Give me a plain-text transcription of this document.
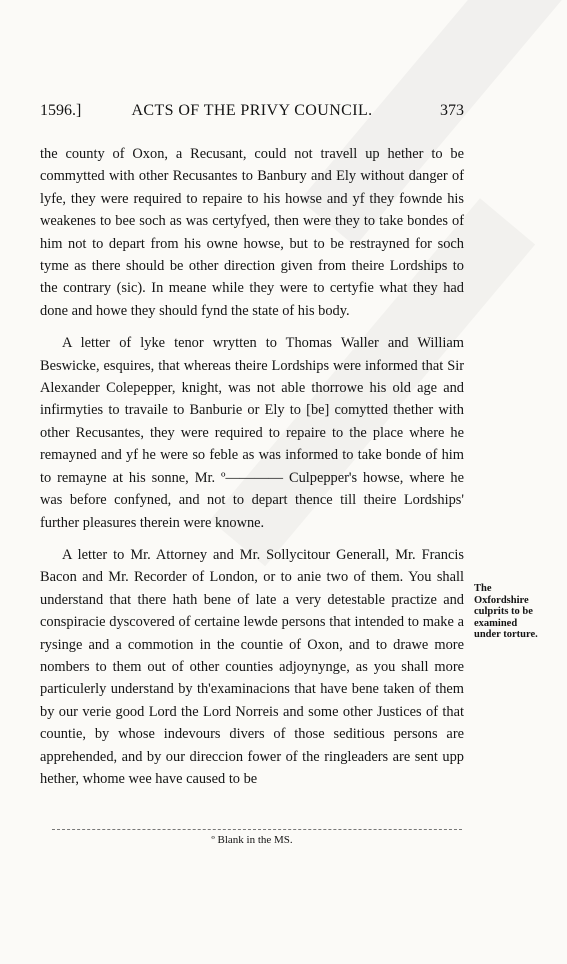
1596.]	ACTS OF THE PRIVY COUNCIL.	373

the county of Oxon, a Recusant, could not travell up hether to be commytted with other Recusantes to Banbury and Ely without danger of lyfe, they were required to repaire to his howse and yf they fownde his weakenes to bee soch as was certyfyed, then were they to take bondes of him not to depart from his owne howse, but to be restrayned for soch tyme as there should be other direction given from theire Lordships to the contrary (sic). In meane while they were to certyfie what they had done and howe they should fynd the state of his body.

A letter of lyke tenor wrytten to Thomas Waller and William Beswicke, esquires, that whereas theire Lordships were informed that Sir Alexander Colepepper, knight, was not able thorrowe his old age and infirmyties to travaile to Banburie or Ely to [be] comytted thether with other Recusantes, they were required to repaire to the place where he remayned and yf he were so feble as was informed to take bonde of him to remayne at his sonne, Mr. º———— Culpepper's howse, where he was before confyned, and not to depart thence till theire Lordships' further pleasures therein were knowne.

A letter to Mr. Attorney and Mr. Sollycitour Generall, Mr. Francis Bacon and Mr. Recorder of London, or to anie two of them. You shall understand that there hath bene of late a very detestable practize and conspiracie dyscovered of certaine lewde persons that intended to make a rysinge and a commotion in the countie of Oxon, and to drawe more nombers to them out of other counties adjoynynge, as you shall more particulerly understand by th'examinacions that have bene taken of them by our verie good Lord the Lord Norreis and some other Justices of that countie, by whose indevours divers of those seditious persons are apprehended, and by our direccion fower of the ringleaders are sent upp hether, whome wee have caused to be

The Oxfordshire culprits to be examined under torture.
º Blank in the MS.
